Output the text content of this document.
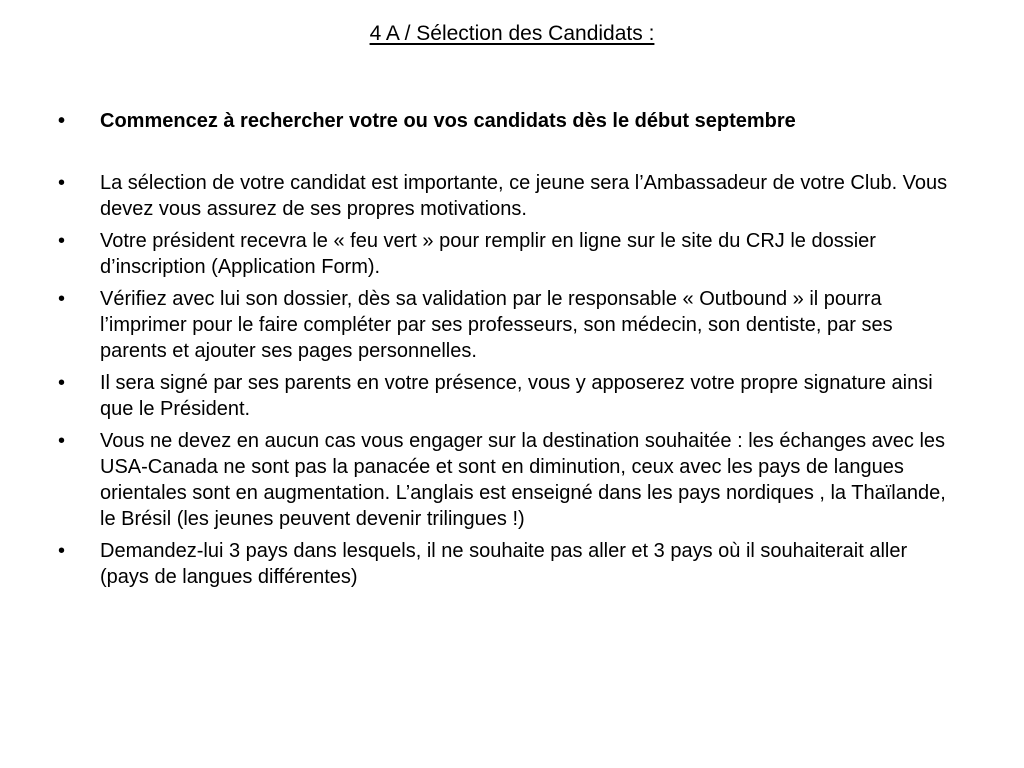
4 A / Sélection des Candidats :
•	Commencez à rechercher votre ou vos candidats dès le début septembre
•	La sélection de votre candidat est importante, ce jeune sera l’Ambassadeur de votre Club. Vous devez vous assurez de ses propres motivations.
•	Votre président recevra le « feu vert » pour remplir en ligne sur le site du CRJ le dossier d’inscription (Application Form).
•	Vérifiez avec lui son dossier, dès sa validation par le responsable « Outbound » il pourra l’imprimer pour le faire compléter par ses professeurs, son médecin, son dentiste, par ses parents et ajouter ses pages personnelles.
•	Il sera signé par ses parents en votre présence, vous y apposerez votre propre signature ainsi que le Président.
•	Vous ne devez en aucun cas vous engager sur la destination souhaitée : les échanges avec les USA-Canada ne sont pas la panacée et sont en diminution, ceux avec les pays de langues orientales sont en augmentation. L’anglais est enseigné dans les pays nordiques , la Thaïlande, le Brésil (les jeunes peuvent devenir trilingues !)
•	Demandez-lui 3 pays dans lesquels, il ne souhaite pas aller et 3 pays où il souhaiterait aller (pays de langues différentes)
